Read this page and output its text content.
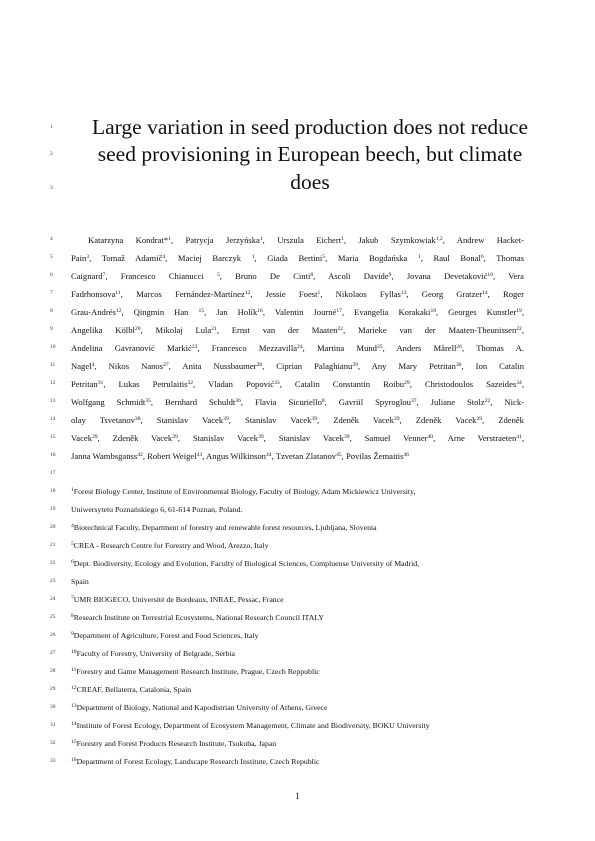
1
2
3
4
5
6
7
8
9
10
11
12
13
14
15
16
17
18
19
20
21
22
23
24
25
26
27
28
29
30
31
32
33
Large variation in seed production does not reduce
seed provisioning in European beech, but climate does
Katarzyna Kondrat*$^1$, Patrycja Jerzyńska$^1$, Urszula Eichert$^1$, Jakub Szymkowiak$^{1,2}$, Andrew Hacket-
Pain$^3$, Tomaž Adamič$^4$, Maciej Barczyk $^1$, Giada Bertini$^5$, Maria Bogdańska $^1$, Raul Bonal$^6$, Thomas
Caignard$^7$, Francesco Chianucci $^5$, Bruno De Cinti$^8$, Ascoli Davide$^9$, Jovana Devetaković$^{10}$, Vera
Fadrhonsova$^{11}$, Marcos Fernández-Martínez$^{12}$, Jessie Foest$^1$, Nikolaos Fyllas$^{13}$, Georg Gratzer$^{14}$, Roger
Grau-Andrés$^{12}$, Qingmin Han $^{15}$, Jan Holík$^{16}$, Valentin Journé$^{17}$, Evangelia Korakaki$^{18}$, Georges Kunstler$^{19}$,
Angelika Kölbl$^{20}$, Mikolaj Lula$^{21}$, Ernst van der Maaten$^{22}$, Marieke van der Maaten-Theunissen$^{22}$,
Andelina Gavranović Markić$^{23}$, Francesco Mezzavilla$^{24}$, Martina Mund$^{25}$, Anders Mårell$^{26}$, Thomas A.
Nagel$^4$, Nikos Nanos$^{27}$, Anita Nussbaumer$^{28}$, Ciprian Palaghianu$^{29}$, Any Mary Petritan$^{30}$, Ion Catalin
Petritan$^{31}$, Lukas Petrulaitis$^{32}$, Vladan Popović$^{33}$, Catalin Constantin Roibu$^{29}$, Christodoulos Sazeides$^{34}$,
Wolfgang Schmidt$^{35}$, Bernhard Schuldt$^{36}$, Flavia Sicuriello$^8$, Gavriil Spyroglou$^{37}$, Juliane Stolz$^{22}$, Nick-
olay Tsvetanov$^{38}$, Stanislav Vacek$^{39}$, Stanislav Vacek$^{39}$, Zdeněk Vacek$^{39}$, Zdeněk Vacek$^{39}$, Zdeněk
Vacek$^{39}$, Zdeněk Vacek$^{39}$, Stanislav Vacek$^{39}$, Stanislav Vacek$^{39}$, Samuel Venner$^{40}$, Arne Verstraeten$^{41}$,
Janna Wambsganss$^{42}$, Robert Weigel$^{43}$, Angus Wilkinson$^{44}$, Tzvetan Zlatanov$^{45}$, Povilas Žemaitis$^{46}$
$^1$Forest Biology Center, Institute of Environmental Biology, Faculty of Biology, Adam Mickiewicz University,
Uniwersytetu Poznańskiego 6, 61-614 Poznan, Poland.
$^4$Biotechnical Faculty, Department of forestry and renewable forest resources, Ljubljana, Slovenia
$^5$CREA - Research Centre for Forestry and Wood, Arezzo, Italy
$^6$Dept. Biodiversity, Ecology and Evolution, Faculty of Biological Sciences, Compluense University of Madrid,
Spain
$^7$UMR BIOGECO, Université de Bordeaux, INRAE, Pessac, France
$^8$Research Institute on Terrestrial Ecosystems, National Research Council ITALY
$^9$Department of Agriculture, Forest and Food Sciences, Italy
$^{10}$Faculty of Forestry, University of Belgrade, Serbia
$^{11}$Forestry and Game Management Research Institute, Prague, Czech Reppublic
$^{12}$CREAF, Bellaterra, Catalonia, Spain
$^{13}$Department of Biology, National and Kapodistrian University of Athens, Greece
$^{14}$Institute of Forest Ecology, Department of Ecosystem Management, Climate and Biodiversity, BOKU University
$^{15}$Forestry and Forest Products Research Institute, Tsukuba, Japan
$^{16}$Department of Forest Ecology, Landscape Research Institute, Czech Republic
1
